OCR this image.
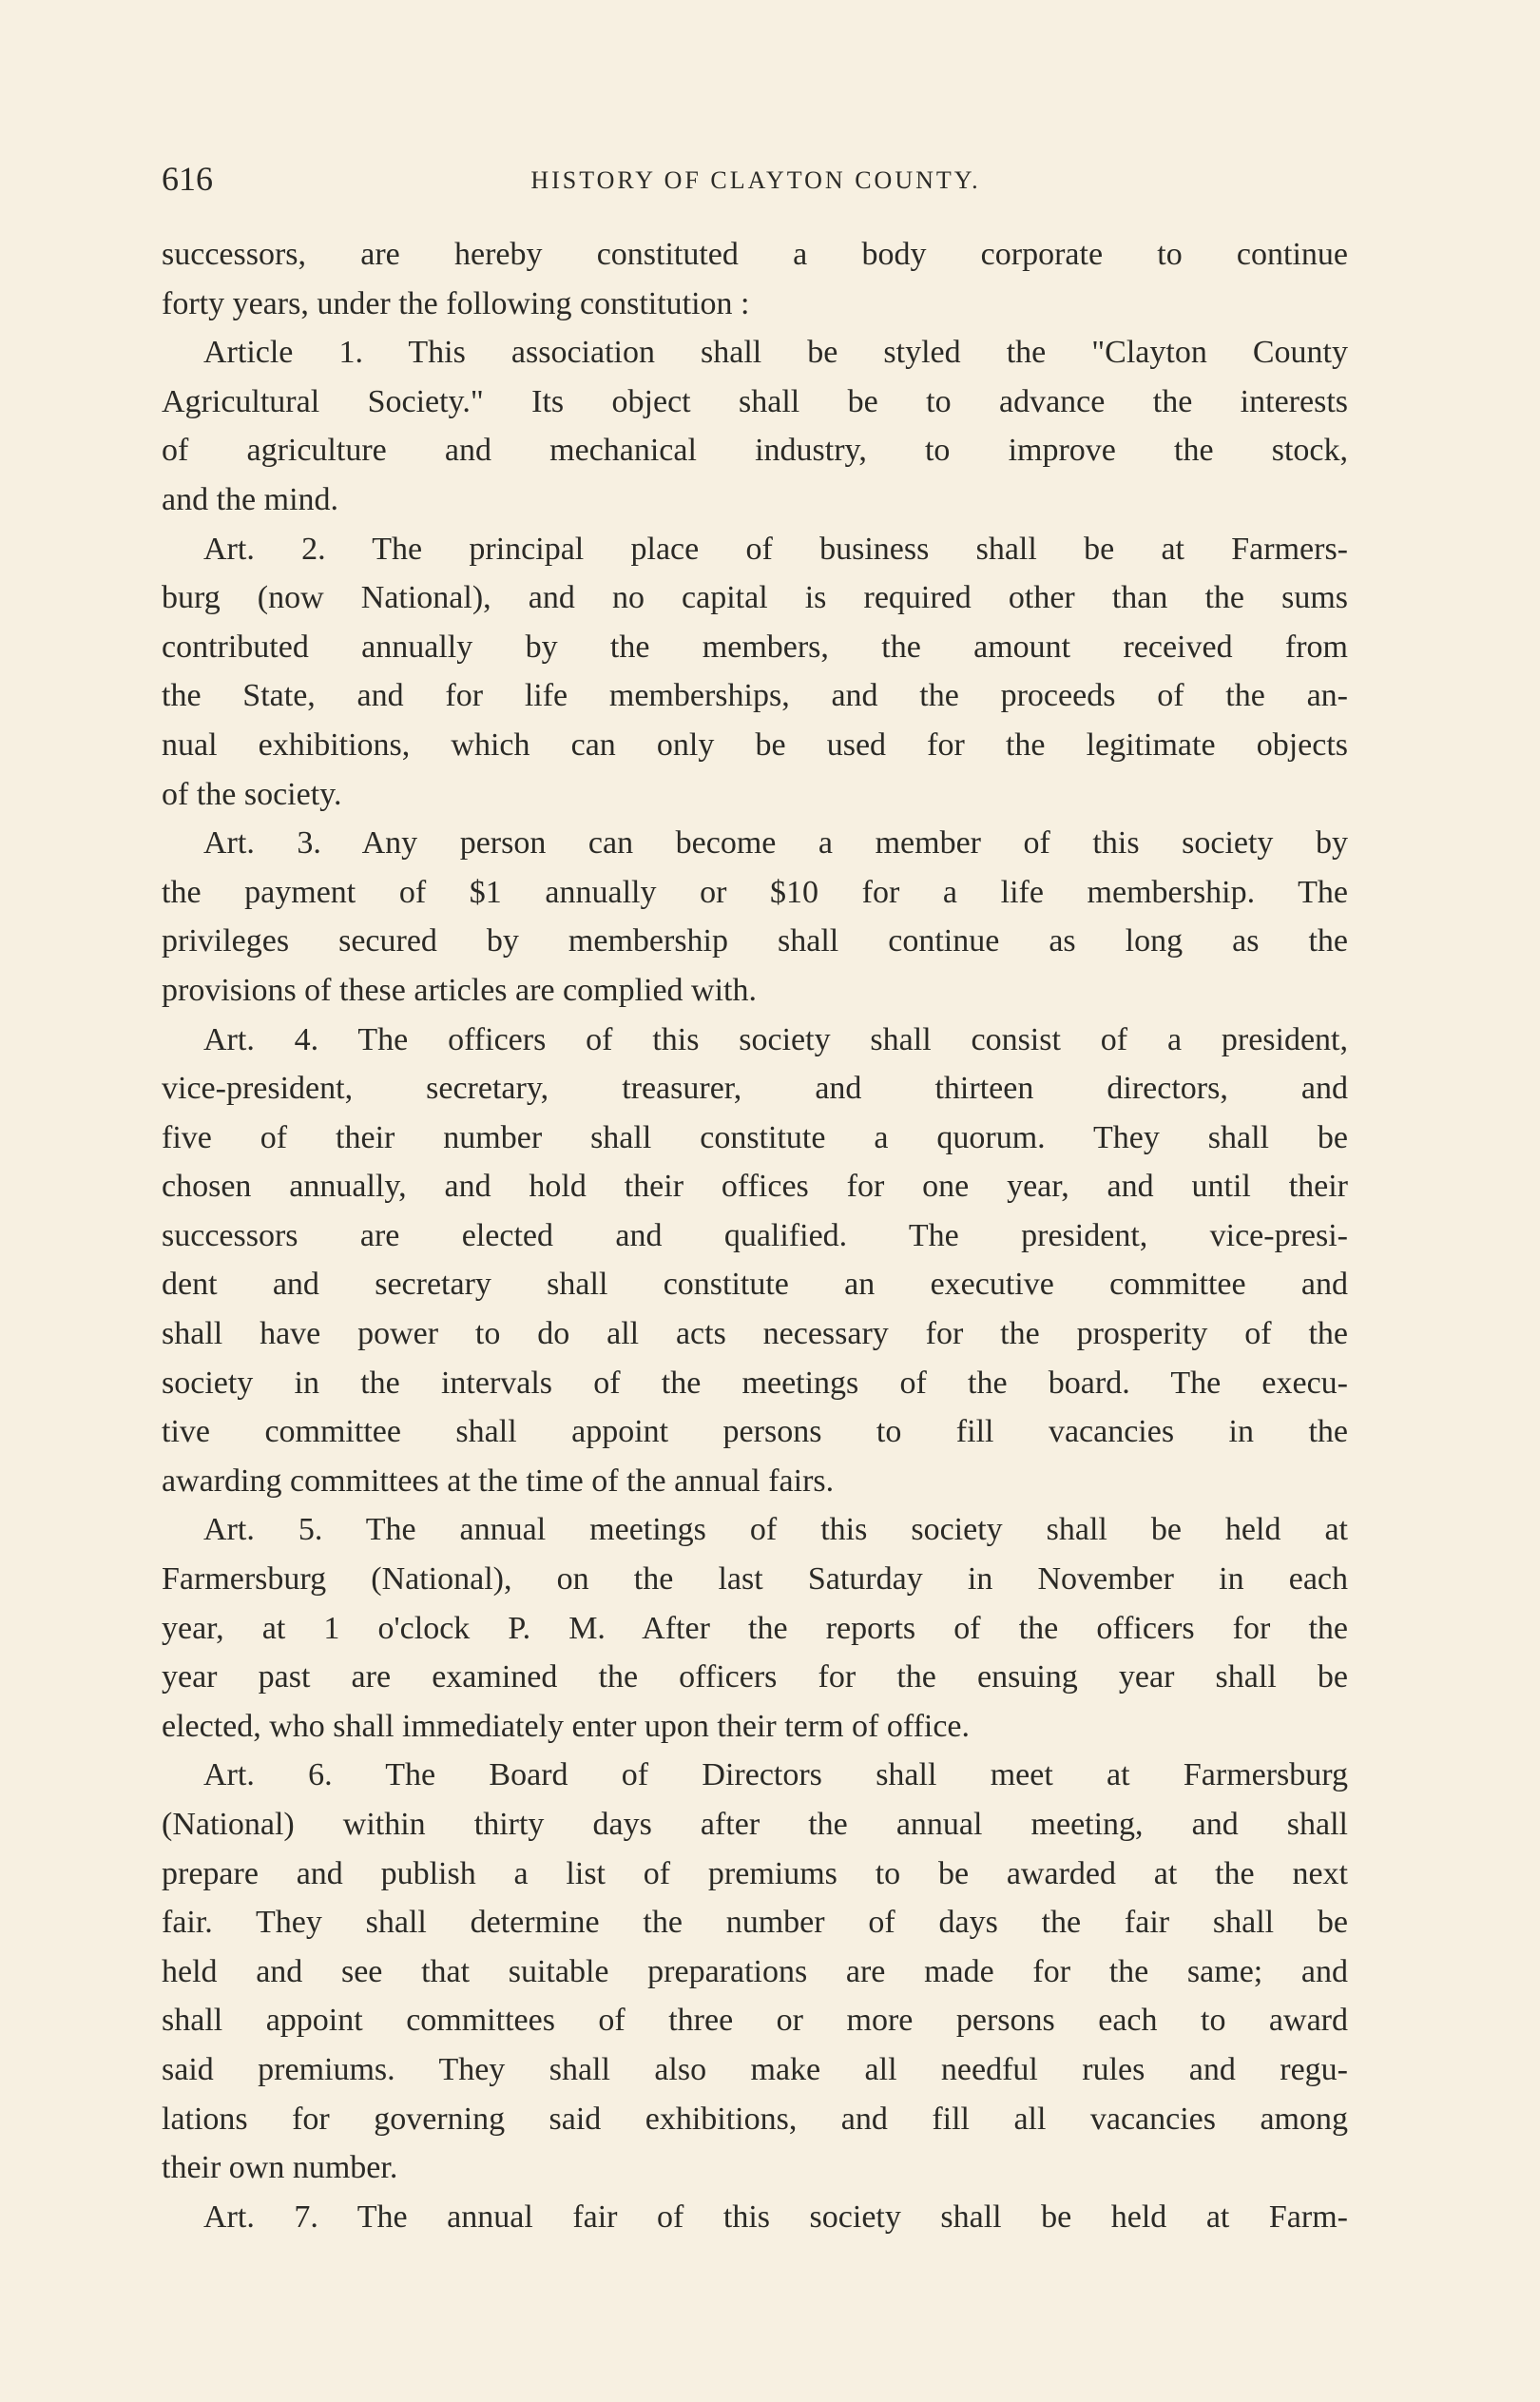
616	HISTORY OF CLAYTON COUNTY.
successors, are hereby constituted a body corporate to continue
forty years, under the following constitution :
Article 1. This association shall be styled the "Clayton County
Agricultural Society." Its object shall be to advance the interests
of agriculture and mechanical industry, to improve the stock,
and the mind.
Art. 2. The principal place of business shall be at Farmers-
burg (now National), and no capital is required other than the sums
contributed annually by the members, the amount received from
the State, and for life memberships, and the proceeds of the an-
nual exhibitions, which can only be used for the legitimate objects
of the society.
Art. 3. Any person can become a member of this society by
the payment of $1 annually or $10 for a life membership. The
privileges secured by membership shall continue as long as the
provisions of these articles are complied with.
Art. 4. The officers of this society shall consist of a president,
vice-president, secretary, treasurer, and thirteen directors, and
five of their number shall constitute a quorum. They shall be
chosen annually, and hold their offices for one year, and until their
successors are elected and qualified. The president, vice-presi-
dent and secretary shall constitute an executive committee and
shall have power to do all acts necessary for the prosperity of the
society in the intervals of the meetings of the board. The execu-
tive committee shall appoint persons to fill vacancies in the
awarding committees at the time of the annual fairs.
Art. 5. The annual meetings of this society shall be held at
Farmersburg (National), on the last Saturday in November in each
year, at 1 o'clock P. M. After the reports of the officers for the
year past are examined the officers for the ensuing year shall be
elected, who shall immediately enter upon their term of office.
Art. 6. The Board of Directors shall meet at Farmersburg
(National) within thirty days after the annual meeting, and shall
prepare and publish a list of premiums to be awarded at the next
fair. They shall determine the number of days the fair shall be
held and see that suitable preparations are made for the same; and
shall appoint committees of three or more persons each to award
said premiums. They shall also make all needful rules and regu-
lations for governing said exhibitions, and fill all vacancies among
their own number.
Art. 7. The annual fair of this society shall be held at Farm-
